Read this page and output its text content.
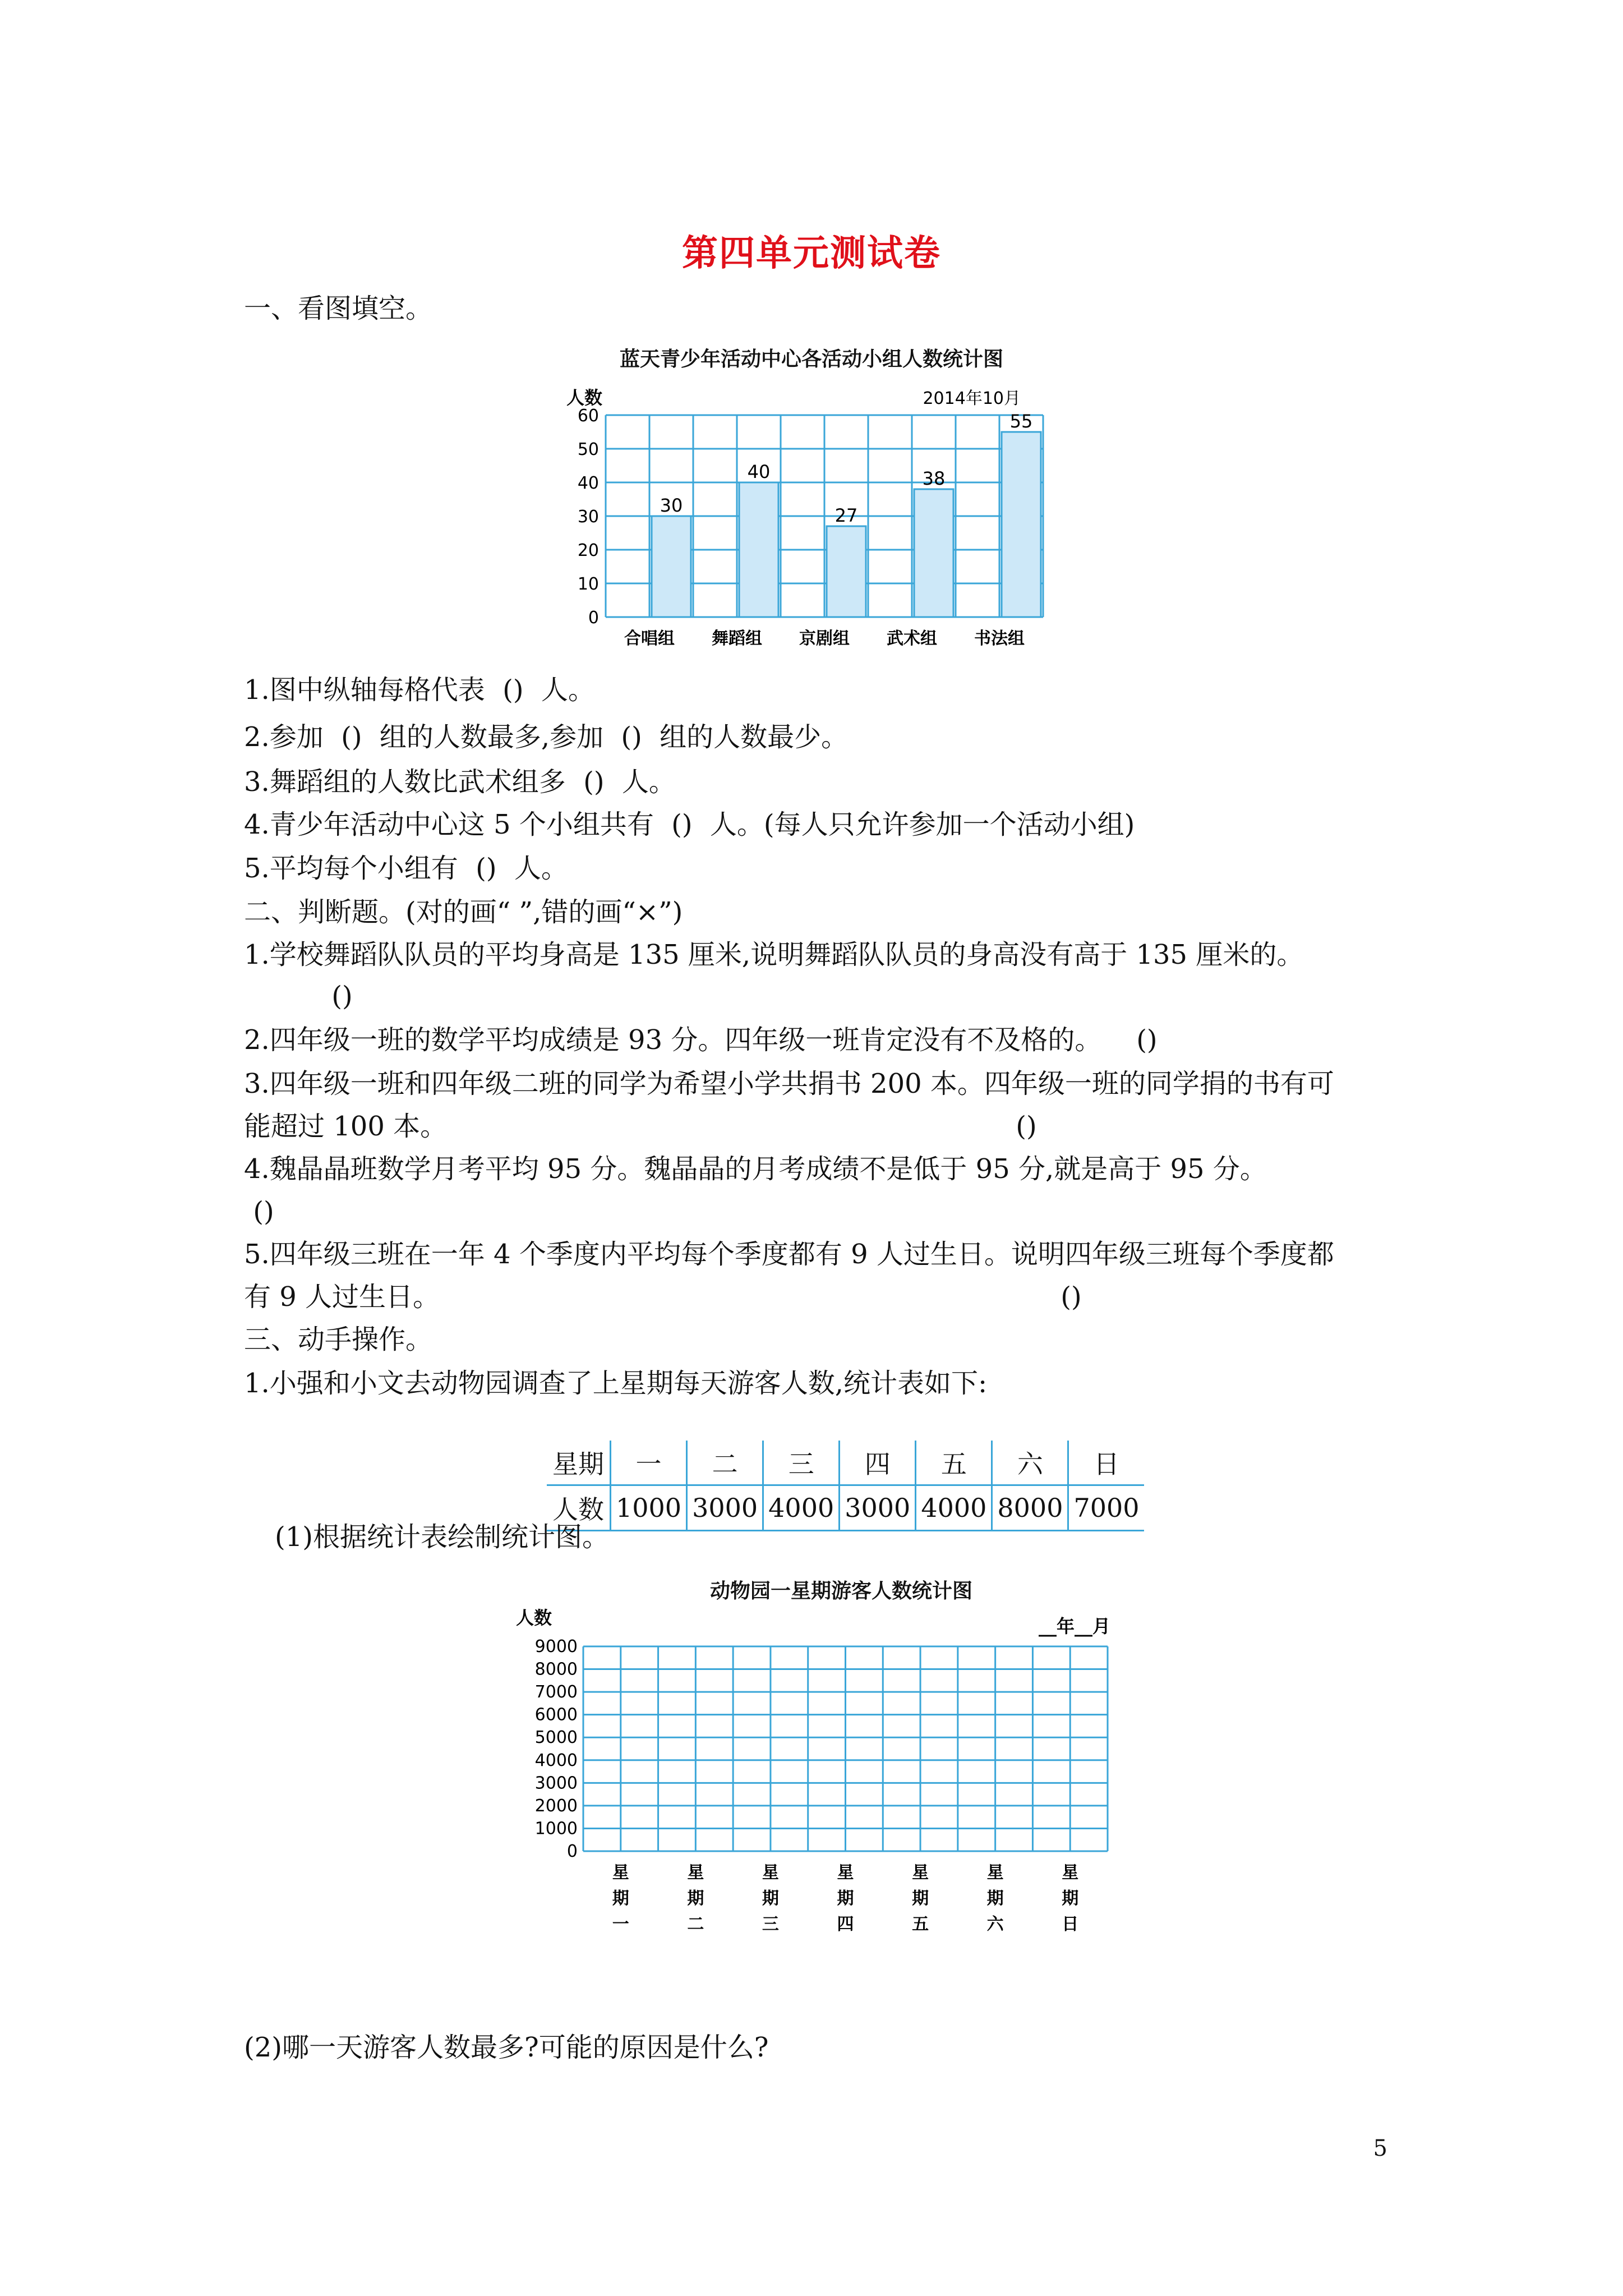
第四单元测试卷
一、看图填空。
蓝天青少年活动中心各活动小组人数统计图
人数	2014年10月
0
10
20
30
40
50
60
30
合唱组
40
舞蹈组
27
京剧组
38
武术组
55
书法组
1.图中纵轴每格代表 ( ) 人。
2.参加 ( ) 组的人数最多,参加 ( ) 组的人数最少。
3.舞蹈组的人数比武术组多 ( ) 人。
4.青少年活动中心这 5 个小组共有 ( ) 人。(每人只允许参加一个活动小组)
5.平均每个小组有 ( ) 人。
二、判断题。(对的画“ ”,错的画“×”)
1.学校舞蹈队队员的平均身高是 135 厘米,说明舞蹈队队员的身高没有高于 135 厘米的。
( )
2.四年级一班的数学平均成绩是 93 分。四年级一班肯定没有不及格的。  ( )
3.四年级一班和四年级二班的同学为希望小学共捐书 200 本。四年级一班的同学捐的书有可
能超过 100 本。
( )
4.魏晶晶班数学月考平均 95 分。魏晶晶的月考成绩不是低于 95 分,就是高于 95 分。
( )
5.四年级三班在一年 4 个季度内平均每个季度都有 9 人过生日。说明四年级三班每个季度都
有 9 人过生日。
( )
三、动手操作。
1.小强和小文去动物园调查了上星期每天游客人数,统计表如下:
星期	一	二	三	四	五	六	日
人数	1000	3000	4000	3000	4000	8000	7000
(1)根据统计表绘制统计图。
动物园一星期游客人数统计图
人数	__年__月
0
1000
2000
3000
4000
5000
6000
7000
8000
9000
星期一
星期二
星期三
星期四
星期五
星期六
星期日
(2)哪一天游客人数最多?可能的原因是什么?
5
